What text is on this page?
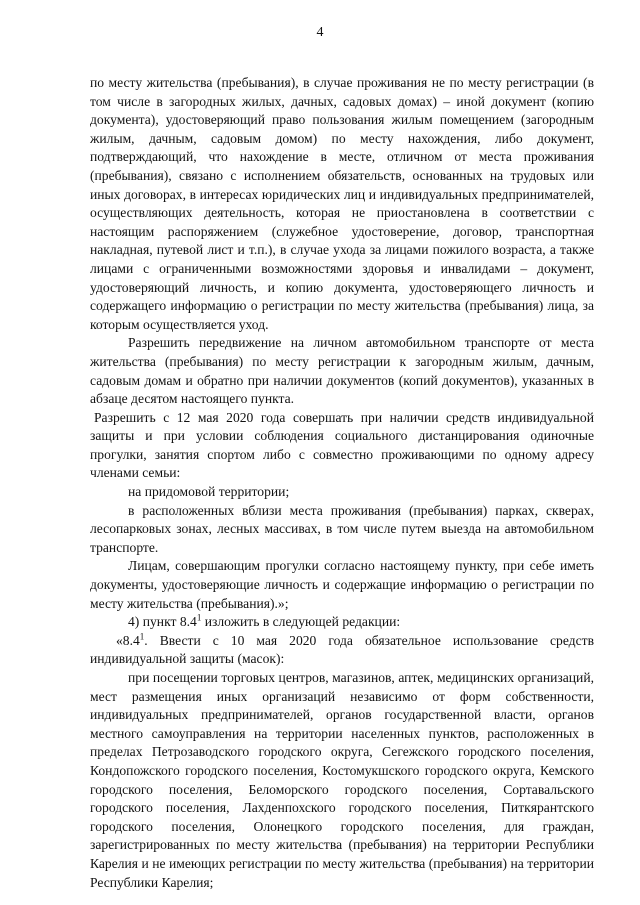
4

по месту жительства (пребывания), в случае проживания не по месту регистрации (в том числе в загородных жилых, дачных, садовых домах) – иной документ (копию документа), удостоверяющий право пользования жилым помещением (загородным жилым, дачным, садовым домом) по месту нахождения, либо документ, подтверждающий, что нахождение в месте, отличном от места проживания (пребывания), связано с исполнением обязательств, основанных на трудовых или иных договорах, в интересах юридических лиц и индивидуальных предпринимателей, осуществляющих деятельность, которая не приостановлена в соответствии с настоящим распоряжением (служебное удостоверение, договор, транспортная накладная, путевой лист и т.п.), в случае ухода за лицами пожилого возраста, а также лицами с ограниченными возможностями здоровья и инвалидами – документ, удостоверяющий личность, и копию документа, удостоверяющего личность и содержащего информацию о регистрации по месту жительства (пребывания) лица, за которым осуществляется уход.

Разрешить передвижение на личном автомобильном транспорте от места жительства (пребывания) по месту регистрации к загородным жилым, дачным, садовым домам и обратно при наличии документов (копий документов), указанных в абзаце десятом настоящего пункта.

Разрешить с 12 мая 2020 года совершать при наличии средств индивидуальной защиты и при условии соблюдения социального дистанцирования одиночные прогулки, занятия спортом либо с совместно проживающими по одному адресу членами семьи:

на придомовой территории;

в расположенных вблизи места проживания (пребывания) парках, скверах, лесопарковых зонах, лесных массивах, в том числе путем выезда на автомобильном транспорте.

Лицам, совершающим прогулки согласно настоящему пункту, при себе иметь документы, удостоверяющие личность и содержащие информацию о регистрации по месту жительства (пребывания).»;

4) пункт $8.4^1$ изложить в следующей редакции:

«$8.4^1$. Ввести с 10 мая 2020 года обязательное использование средств индивидуальной защиты (масок):

при посещении торговых центров, магазинов, аптек, медицинских организаций, мест размещения иных организаций независимо от форм собственности, индивидуальных предпринимателей, органов государственной власти, органов местного самоуправления на территории населенных пунктов, расположенных в пределах Петрозаводского городского округа, Сегежского городского поселения, Кондопожского городского поселения, Костомукшского городского округа, Кемского городского поселения, Беломорского городского поселения, Сортавальского городского поселения, Лахденпохского городского поселения, Питкярантского городского поселения, Олонецкого городского поселения, для граждан, зарегистрированных по месту жительства (пребывания) на территории Республики Карелия и не имеющих регистрации по месту жительства (пребывания) на территории Республики Карелия;
